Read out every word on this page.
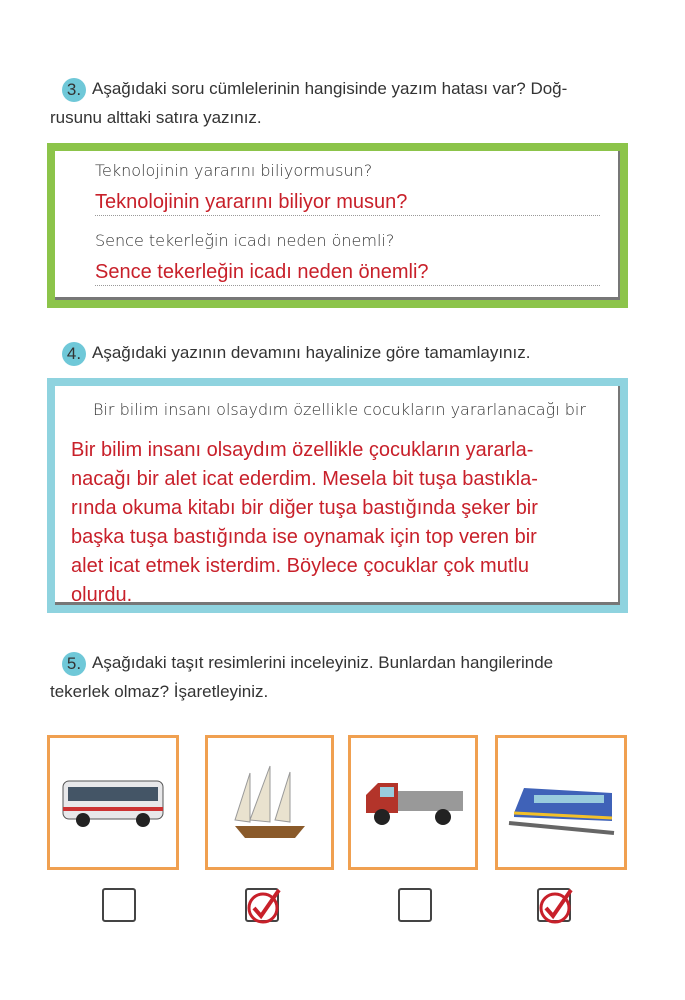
3. Aşağıdaki soru cümlelerinin hangisinde yazım hatası var? Doğ-
rusunu alttaki satıra yazınız.
Teknolojinin yararını biliyormusun?
Teknolojinin yararını biliyor musun?
Sence tekerleğin icadı neden önemli?
Sence tekerleğin icadı neden önemli?
4. Aşağıdaki yazının devamını hayalinize göre tamamlayınız.
Bir bilim insanı olsaydım özellikle cocukların yararlanacağı bir
Bir bilim insanı olsaydım özellikle çocukların yararla-
nacağı bir alet icat ederdim. Mesela bit tuşa bastıkla-
rında okuma kitabı bir diğer tuşa bastığında şeker bir
başka tuşa bastığında ise oynamak için top veren bir
alet icat etmek isterdim. Böylece çocuklar çok mutlu
olurdu.
5. Aşağıdaki taşıt resimlerini inceleyiniz. Bunlardan hangilerinde
tekerlek olmaz? İşaretleyiniz.
